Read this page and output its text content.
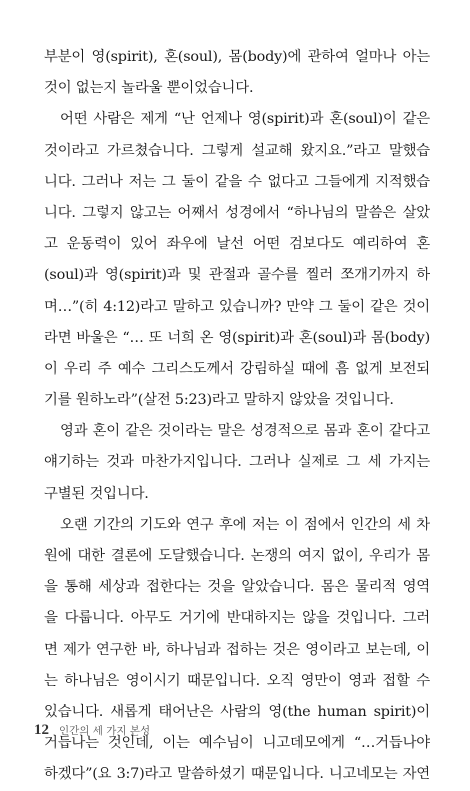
부분이 영(spirit), 혼(soul), 몸(body)에 관하여 얼마나 아는
것이 없는지 놀라울 뿐이었습니다.
어떤 사람은 제게 “난 언제나 영(spirit)과 혼(soul)이 같은
것이라고 가르쳤습니다. 그렇게 설교해 왔지요.”라고 말했습
니다. 그러나 저는 그 둘이 같을 수 없다고 그들에게 지적했습
니다. 그렇지 않고는 어째서 성경에서 “하나님의 말씀은 살았
고 운동력이 있어 좌우에 날선 어떤 검보다도 예리하여 혼
(soul)과 영(spirit)과 및 관절과 골수를 찔러 쪼개기까지 하
며…”(히 4:12)라고 말하고 있습니까? 만약 그 둘이 같은 것이
라면 바울은 “… 또 너희 온 영(spirit)과 혼(soul)과 몸(body)
이 우리 주 예수 그리스도께서 강림하실 때에 흠 없게 보전되
기를 원하노라”(살전 5:23)라고 말하지 않았을 것입니다.
영과 혼이 같은 것이라는 말은 성경적으로 몸과 혼이 같다고
얘기하는 것과 마찬가지입니다. 그러나 실제로 그 세 가지는
구별된 것입니다.
오랜 기간의 기도와 연구 후에 저는 이 점에서 인간의 세 차
원에 대한 결론에 도달했습니다. 논쟁의 여지 없이, 우리가 몸
을 통해 세상과 접한다는 것을 알았습니다. 몸은 물리적 영역
을 다룹니다. 아무도 거기에 반대하지는 않을 것입니다. 그러
면 제가 연구한 바, 하나님과 접하는 것은 영이라고 보는데, 이
는 하나님은 영이시기 때문입니다. 오직 영만이 영과 접할 수
있습니다. 새롭게 태어난은 사람의 영(the human spirit)이
거듭나는 것인데, 이는 예수님이 니고데모에게 “…거듭나야
하겠다”(요 3:7)라고 말씀하셨기 때문입니다. 니고네모는 자연
12 인간의 세 가지 본성
